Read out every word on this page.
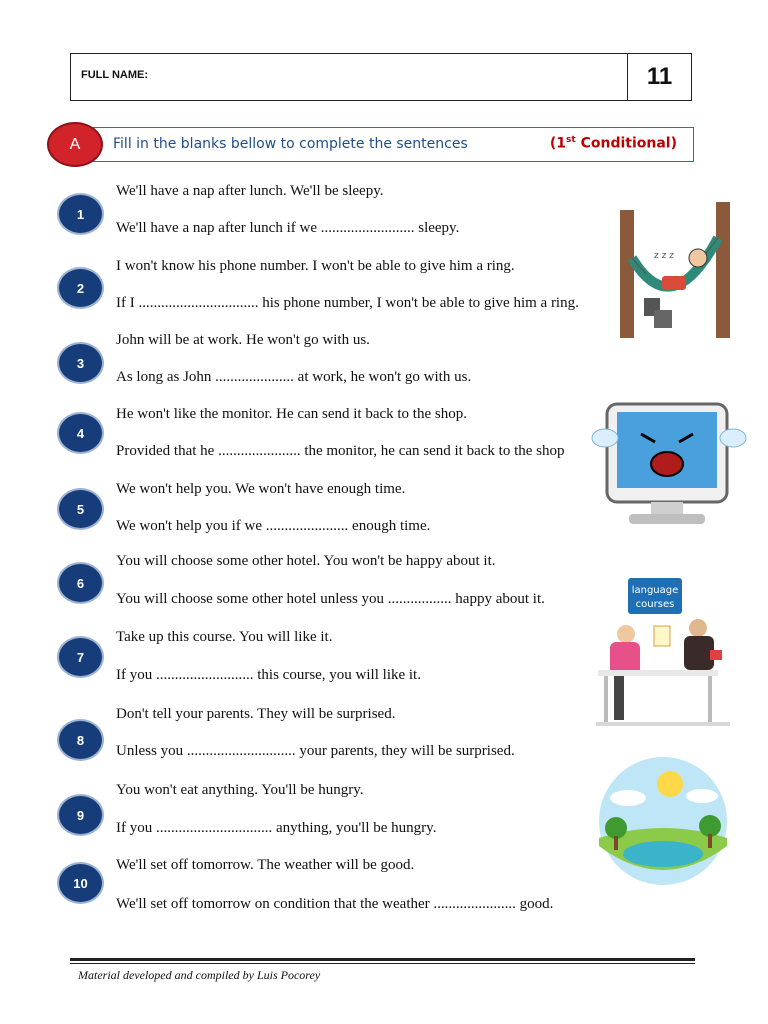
FULL NAME:	11
Fill in the blanks bellow to complete the sentences	(1st Conditional)
A
1
We'll have a nap after lunch. We'll be sleepy.
We'll have a nap after lunch if we ......................... sleepy.
2
I won't know his phone number. I won't be able to give him a ring.
If I ................................ his phone number, I won't be able to give him a ring.
3
John will be at work. He won't go with us.
As long as John ..................... at work, he won't go with us.
4
He won't like the monitor. He can send it back to the shop.
Provided that he ...................... the monitor, he can send it back to the shop
5
We won't help you. We won't have enough time.
We won't help you if we ...................... enough time.
6
You will choose some other hotel. You won't be happy about it.
You will choose some other hotel unless you ................. happy about it.
7
Take up this course. You will like it.
If you .......................... this course, you will like it.
8
Don't tell your parents. They will be surprised.
Unless you ............................. your parents, they will be surprised.
9
You won't eat anything. You'll be hungry.
If you ............................... anything, you'll be hungry.
10
We'll set off tomorrow. The weather will be good.
We'll set off tomorrow on condition that the weather ...................... good.
z z z
language
courses
Material developed and compiled by Luis Pocorey
